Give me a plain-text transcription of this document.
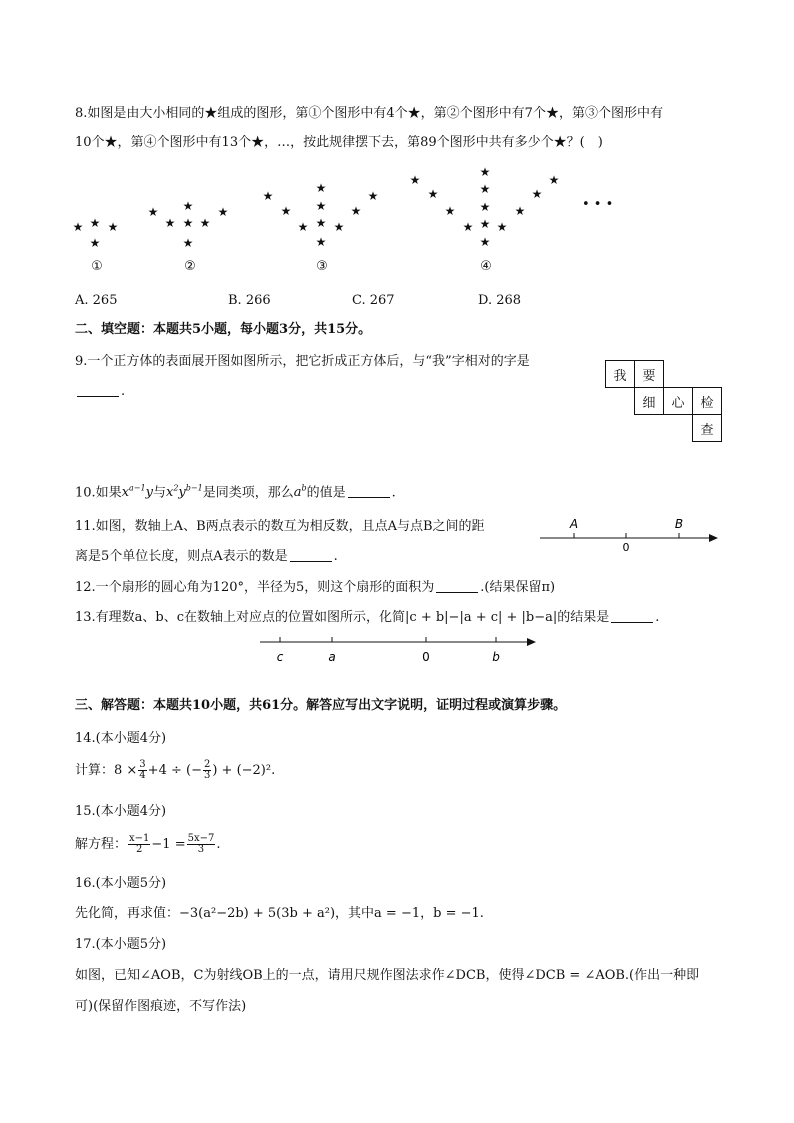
8.如图是由大小相同的★组成的图形，第①个图形中有4个★，第②个图形中有7个★，第③个图形中有
10个★，第④个图形中有13个★，…，按此规律摆下去，第89个图形中共有多少个★？(　)
★ ★ ★
★
★
★
★
★
★
★
★
★
★
★
★
★
★
★
★
★
★
★
★
★
★
★
★
★
★
★
★
★
★
★
• • •
①	②	③	④
A. 265	B. 266	C. 267	D. 268
二、填空题：本题共5小题，每小题3分，共15分。
9.一个正方体的表面展开图如图所示，把它折成正方体后，与“我”字相对的字是
.
我	要		
	细	心	检
			查
10.如果$x^{a-1}y$与$x^2y^{b-1}$是同类项，那么$a^b$的值是	.
11.如图，数轴上A、B两点表示的数互为相反数，且点A与点B之间的距
离是5个单位长度，则点A表示的数是	.
A
0
B
12.一个扇形的圆心角为120°，半径为5，则这个扇形的面积为	.(结果保留π)
13.有理数a、b、c在数轴上对应点的位置如图所示，化简|c + b|−|a + c| + |b−a|的结果是	.
c	a	0	b
三、解答题：本题共10小题，共61分。解答应写出文字说明，证明过程或演算步骤。
14.(本小题4分)
计算：$8 \times \frac{3}{4} +4$ ÷ (− $\frac{2}{3}$ ) + (−2)².
15.(本小题4分)
解方程： $\frac{x-1}{2} -1 = \frac{5x-7}{3}$ .
16.(本小题5分)
先化简，再求值：−3(a²−2b) + 5(3b + a²)，其中a = −1，b = −1.
17.(本小题5分)
如图，已知∠AOB，C为射线OB上的一点，请用尺规作图法求作∠DCB，使得∠DCB = ∠AOB.(作出一种即
可)(保留作图痕迹，不写作法)
